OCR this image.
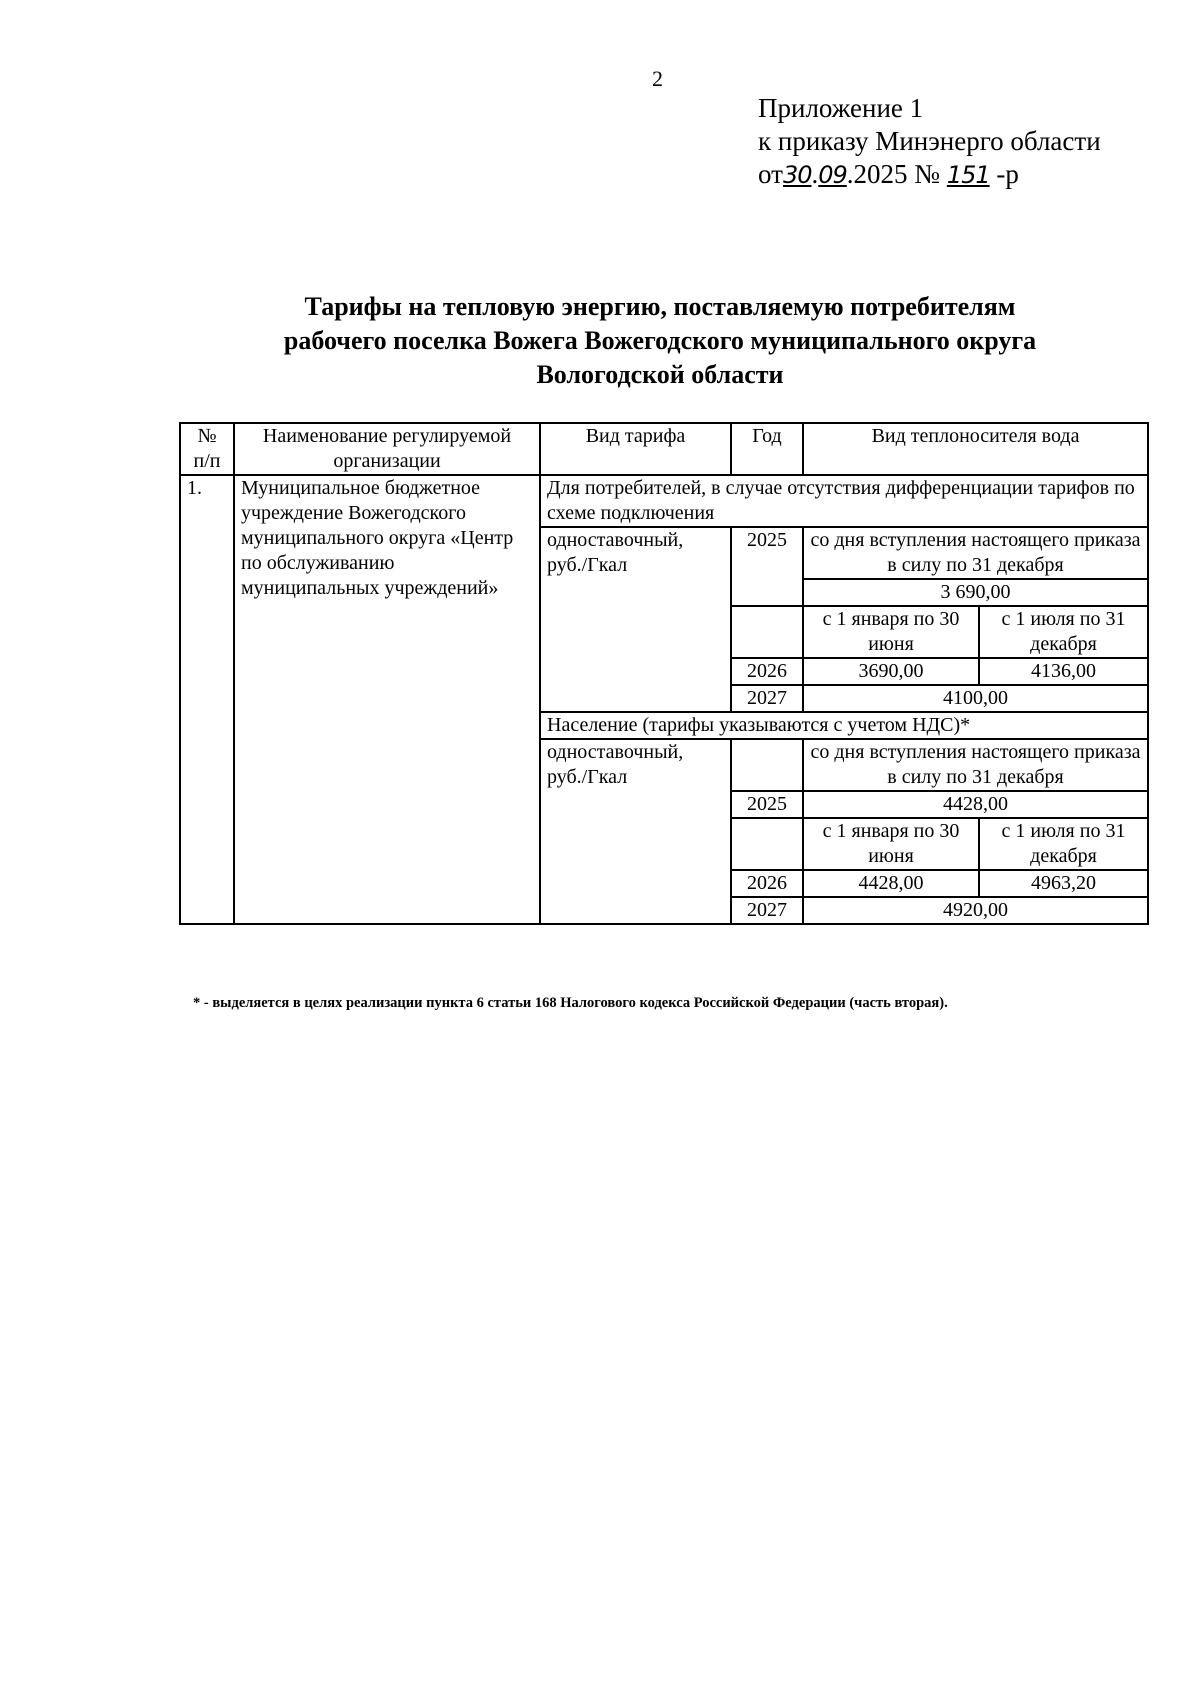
2
Приложение 1
к приказу Минэнерго области
от30.09.2025 № 151 -р
Тарифы на тепловую энергию, поставляемую потребителям
рабочего поселка Вожега Вожегодского муниципального округа
Вологодской области
№ п/п	Наименование регулируемой организации	Вид тарифа	Год	Вид теплоносителя вода	
1.	Муниципальное бюджетное учреждение Вожегодского муниципального округа «Центр по обслуживанию муниципальных учреждений»	Для потребителей, в случае отсутствия дифференциации тарифов по схеме подключения			
		одноставочный, руб./Гкал	2025	со дня вступления настоящего приказа в силу по 31 декабря	
				3 690,00	
				с 1 января по 30 июня	с 1 июля по 31 декабря
			2026	3690,00	4136,00
			2027	4100,00	
		Население (тарифы указываются с учетом НДС)*			
		одноставочный, руб./Гкал		со дня вступления настоящего приказа в силу по 31 декабря	
			2025	4428,00	
				с 1 января по 30 июня	с 1 июля по 31 декабря
			2026	4428,00	4963,20
			2027	4920,00	
* - выделяется в целях реализации пункта 6 статьи 168 Налогового кодекса Российской Федерации (часть вторая).
